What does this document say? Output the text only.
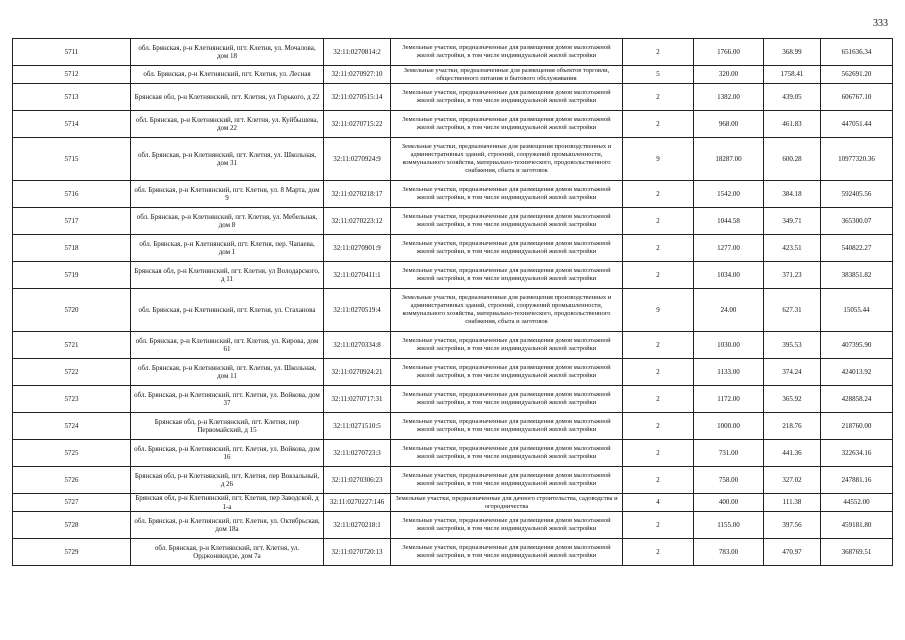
333
5711	обл. Брянская, р-н Клетнянский, пгт. Клетня, ул. Мочалова, дом 18	32:11:0270814:2	Земельные участки, предназначенные для размещения домов малоэтажной жилой застройки, в том числе индивидуальной жилой застройки	2	1766.00	368.99	651636.34
5712	обл. Брянская, р-н Клетнянский, пгт. Клетня, ул. Лесная	32:11:0270927:10	Земельные участки, предназначенные для размещения объектов торговли, общественного питания и бытового обслуживания	5	320.00	1758.41	562691.20
5713	Брянская обл, р-н Клетнянский, пгт. Клетня, ул Горького, д 22	32:11:0270515:14	Земельные участки, предназначенные для размещения домов малоэтажной жилой застройки, в том числе индивидуальной жилой застройки	2	1382.00	439.05	606767.10
5714	обл. Брянская, р-н Клетнянский, пгт. Клетня, ул. Куйбышева, дом 22	32:11:0270715:22	Земельные участки, предназначенные для размещения домов малоэтажной жилой застройки, в том числе индивидуальной жилой застройки	2	968.00	461.83	447051.44
5715	обл. Брянская, р-н Клетнянский, пгт. Клетня, ул. Школьная, дом 31	32:11:0270924:9	Земельные участки, предназначенные для размещения производственных и административных зданий, строений, сооружений промышленности, коммунального хозяйства, материально-технического, продовольственного снабжения, сбыта и заготовок	9	18287.00	600.28	10977320.36
5716	обл. Брянская, р-н Клетнянский, пгт. Клетня, ул. 8 Марта, дом 9	32:11:0270218:17	Земельные участки, предназначенные для размещения домов малоэтажной жилой застройки, в том числе индивидуальной жилой застройки	2	1542.00	384.18	592405.56
5717	обл. Брянская, р-н Клетнянский, пгт. Клетня, ул. Мебельная, дом 8	32:11:0270223:12	Земельные участки, предназначенные для размещения домов малоэтажной жилой застройки, в том числе индивидуальной жилой застройки	2	1044.58	349.71	365300.07
5718	обл. Брянская, р-н Клетнянский, пгт. Клетня, пер. Чапаева, дом 1	32:11:0270901:9	Земельные участки, предназначенные для размещения домов малоэтажной жилой застройки, в том числе индивидуальной жилой застройки	2	1277.00	423.51	540822.27
5719	Брянская обл, р-н Клетнянский, пгт. Клетня, ул Володарского, д 11	32:11:0270411:1	Земельные участки, предназначенные для размещения домов малоэтажной жилой застройки, в том числе индивидуальной жилой застройки	2	1034.00	371.23	383851.82
5720	обл. Брянская, р-н Клетнянский, пгт. Клетня, ул. Стаханова	32:11:0270519:4	Земельные участки, предназначенные для размещения производственных и административных зданий, строений, сооружений промышленности, коммунального хозяйства, материально-технического, продовольственного снабжения, сбыта и заготовок	9	24.00	627.31	15055.44
5721	обл. Брянская, р-н Клетнянский, пгт. Клетня, ул. Кирова, дом 61	32:11:0270334:8	Земельные участки, предназначенные для размещения домов малоэтажной жилой застройки, в том числе индивидуальной жилой застройки	2	1030.00	395.53	407395.90
5722	обл. Брянская, р-н Клетнянский, пгт. Клетня, ул. Школьная, дом 11	32:11:0270924:21	Земельные участки, предназначенные для размещения домов малоэтажной жилой застройки, в том числе индивидуальной жилой застройки	2	1133.00	374.24	424013.92
5723	обл. Брянская, р-н Клетнянский, пгт. Клетня, ул. Войкова, дом 37	32:11:0270717:31	Земельные участки, предназначенные для размещения домов малоэтажной жилой застройки, в том числе индивидуальной жилой застройки	2	1172.00	365.92	428858.24
5724	Брянская обл, р-н Клетнянский, пгт. Клетня, пер Первомайский, д 15	32:11:0271510:5	Земельные участки, предназначенные для размещения домов малоэтажной жилой застройки, в том числе индивидуальной жилой застройки	2	1000.00	218.76	218760.00
5725	обл. Брянская, р-н Клетнянский, пгт. Клетня, ул. Войкова, дом 16	32:11:0270723:3	Земельные участки, предназначенные для размещения домов малоэтажной жилой застройки, в том числе индивидуальной жилой застройки	2	731.00	441.36	322634.16
5726	Брянская обл, р-н Клетнянский, пгт. Клетня, пер Вокзальный, д 26	32:11:0270306:23	Земельные участки, предназначенные для размещения домов малоэтажной жилой застройки, в том числе индивидуальной жилой застройки	2	758.00	327.02	247881.16
5727	Брянская обл, р-н Клетнянский, пгт. Клетня, пер Заводской, д 1-а	32:11:0270227:146	Земельные участки, предназначенные для дачного строительства, садоводства и огородничества	4	400.00	111.38	44552.00
5728	обл. Брянская, р-н Клетнянский, пгт. Клетня, ул. Октябрьская, дом 18а	32:11:0270218:1	Земельные участки, предназначенные для размещения домов малоэтажной жилой застройки, в том числе индивидуальной жилой застройки	2	1155.00	397.56	459181.80
5729	обл. Брянская, р-н Клетнянский, пгт. Клетня, ул. Орджоникидзе, дом 7а	32:11:0270720:13	Земельные участки, предназначенные для размещения домов малоэтажной жилой застройки, в том числе индивидуальной жилой застройки	2	783.00	470.97	368769.51
